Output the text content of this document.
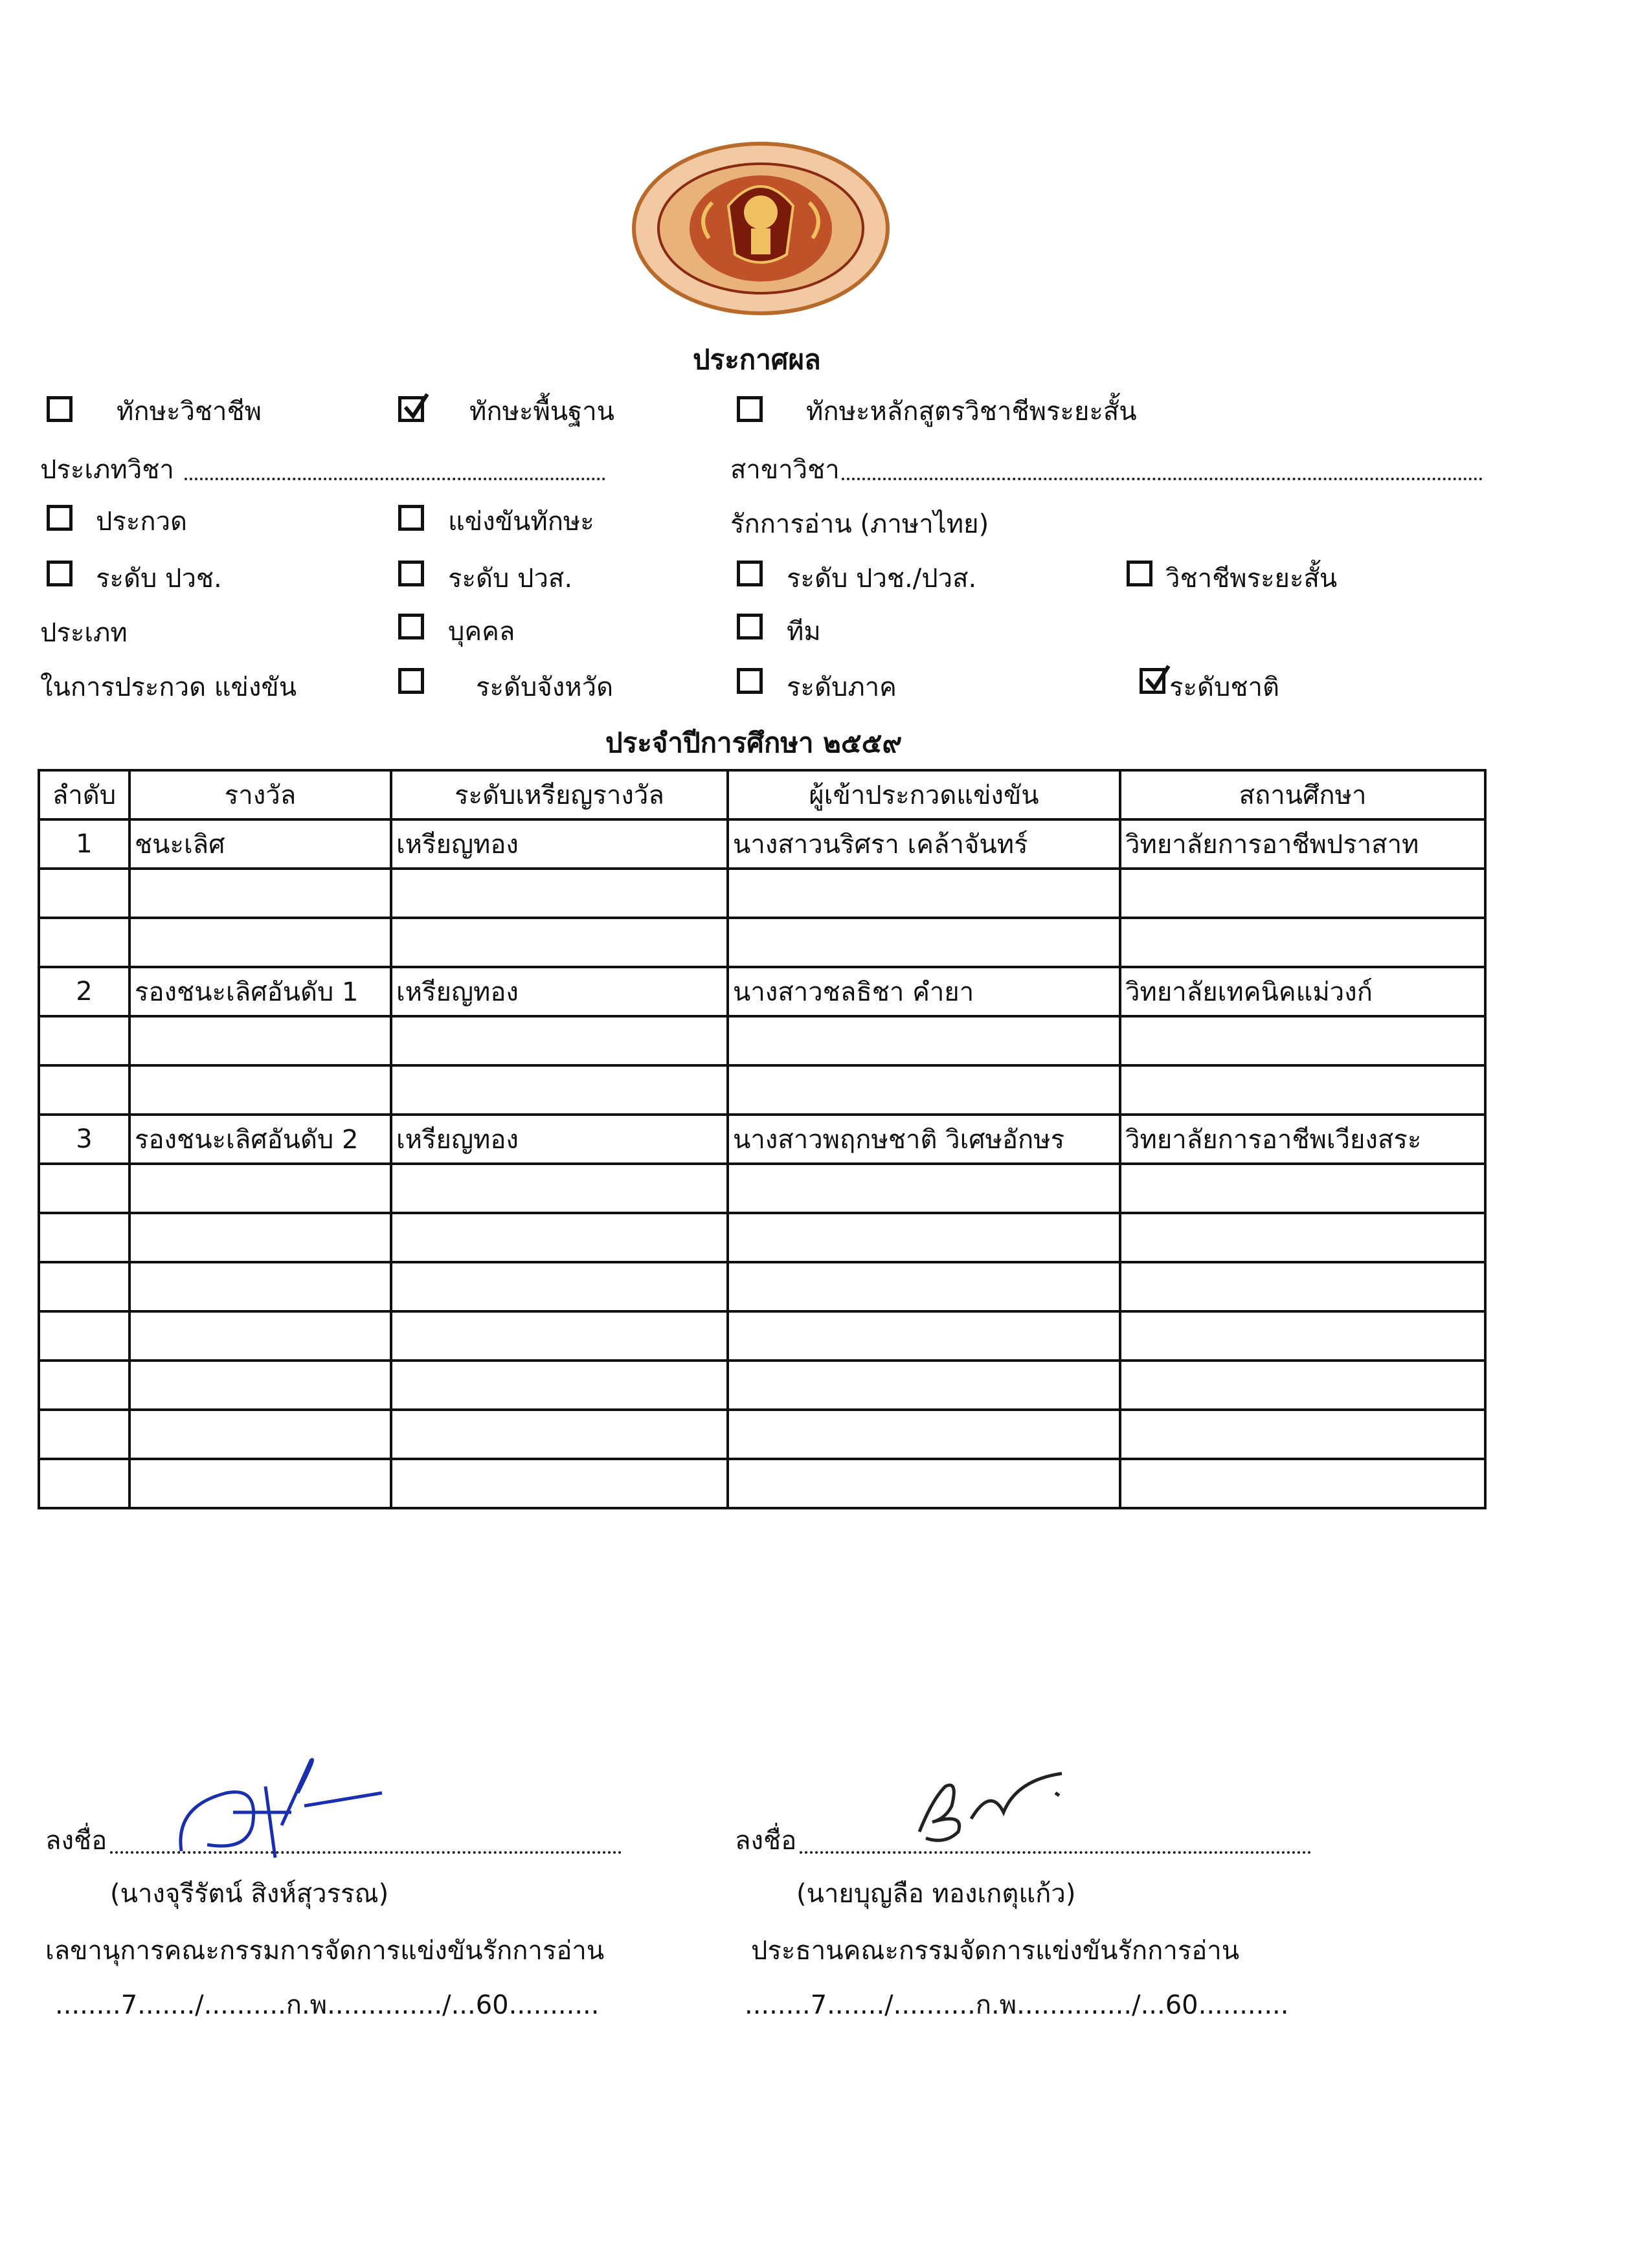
ประกาศผล
ทักษะวิชาชีพ	ทักษะพื้นฐาน	ทักษะหลักสูตรวิชาชีพระยะสั้น
ประเภทวิชา	สาขาวิชา
ประกวด	แข่งขันทักษะ	รักการอ่าน (ภาษาไทย)
ระดับ ปวช.	ระดับ ปวส.	ระดับ ปวช./ปวส.	วิชาชีพระยะสั้น
ประเภท	บุคคล	ทีม
ในการประกวด แข่งขัน	ระดับจังหวัด	ระดับภาค	ระดับชาติ
ประจำปีการศึกษา ๒๕๕๙
ลำดับ	รางวัล	ระดับเหรียญรางวัล	ผู้เข้าประกวดแข่งขัน	สถานศึกษา
1	ชนะเลิศ	เหรียญทอง	นางสาวนริศรา เคล้าจันทร์	วิทยาลัยการอาชีพปราสาท

2	รองชนะเลิศอันดับ 1	เหรียญทอง	นางสาวชลธิชา คำยา	วิทยาลัยเทคนิคแม่วงก์

3	รองชนะเลิศอันดับ 2	เหรียญทอง	นางสาวพฤกษชาติ วิเศษอักษร	วิทยาลัยการอาชีพเวียงสระ

ลงชื่อ
(นางจุรีรัตน์ สิงห์สุวรรณ)
เลขานุการคณะกรรมการจัดการแข่งขันรักการอ่าน
........7......./..........ก.พ............../...60...........
ลงชื่อ
(นายบุญลือ ทองเกตุแก้ว)
ประธานคณะกรรมจัดการแข่งขันรักการอ่าน
........7......./..........ก.พ............../...60...........
